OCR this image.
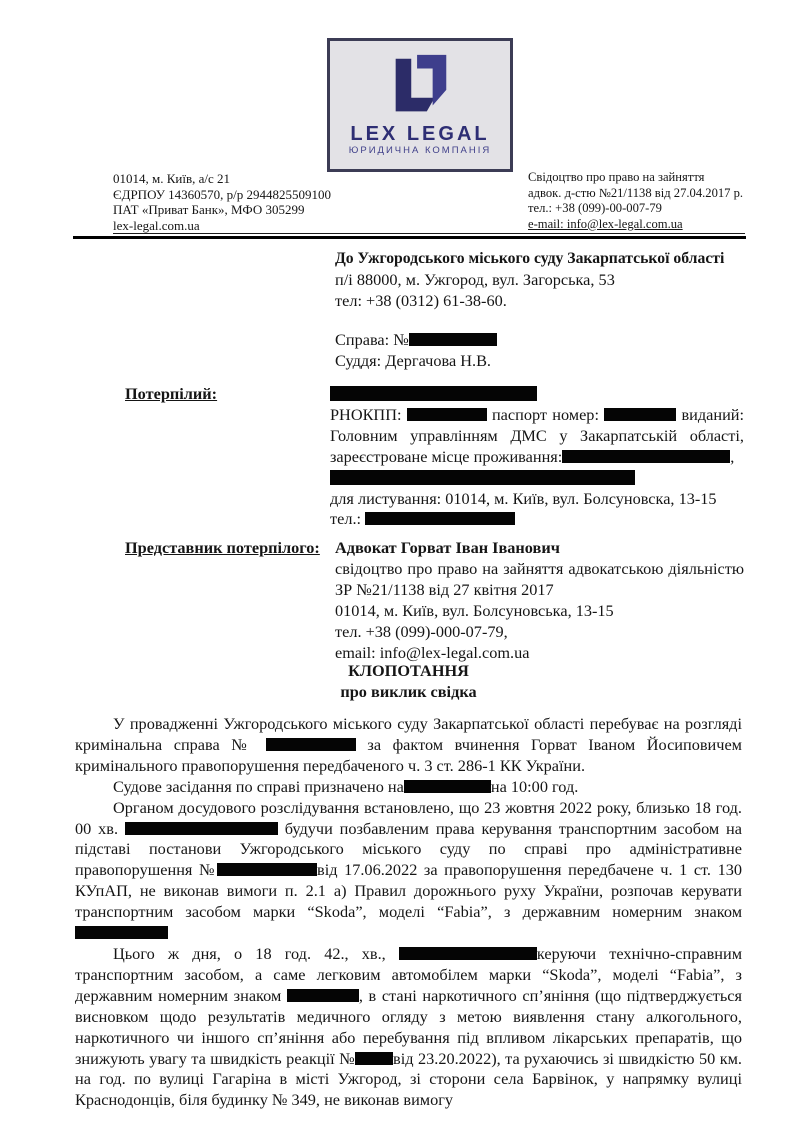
LEX LEGAL
ЮРИДИЧНА КОМПАНІЯ
01014, м. Київ, а/с 21
ЄДРПОУ 14360570, р/р 2944825509100
ПАТ «Приват Банк», МФО 305299
lex-legal.com.ua
Свідоцтво про право на зайняття
адвок. д-стю №21/1138 від 27.04.2017 р.
тел.: +38 (099)-00-007-79
e-mail: info@lex-legal.com.ua
До Ужгородського міського суду Закарпатської області
п/і 88000, м. Ужгород, вул. Загорська, 53
тел: +38 (0312) 61-38-60.
Справа: №
Суддя: Дергачова Н.В.
Потерпілий:
РНОКПП:	паспорт номер:	виданий:
Головним управлінням ДМС у Закарпатській області,
зареєстроване місце проживання:	,
для листування: 01014, м. Київ, вул. Болсуновска, 13-15
тел.:
Представник потерпілого: Адвокат Горват Іван Іванович
свідоцтво про право на зайняття адвокатською діяльністю
ЗР №21/1138 від 27 квітня 2017
01014, м. Київ, вул. Болсуновська, 13-15
тел. +38 (099)-000-07-79,
email: info@lex-legal.com.ua
КЛОПОТАННЯ
про виклик свідка

У провадженні Ужгородського міського суду Закарпатської області перебуває на розгляді кримінальна справа №	за фактом вчинення Горват Іваном Йосиповичем кримінального правопорушення передбаченого ч. 3 ст. 286-1 КК України.

Судове засідання по справі призначено на	на 10:00 год.

Органом досудового розслідування встановлено, що 23 жовтня 2022 року, близько 18 год. 00 хв.	будучи позбавленим права керування транспортним засобом на підставі постанови Ужгородського міського суду по справі про адміністративне правопорушення №	від 17.06.2022 за правопорушення передбачене ч. 1 ст. 130 КУпАП, не виконав вимоги п. 2.1 а) Правил дорожнього руху України, розпочав керувати транспортним засобом марки “Skoda”, моделі “Fabia”, з державним номерним знаком

Цього ж дня, о 18 год. 42., хв.,	керуючи технічно-справним транспортним засобом, а саме легковим автомобілем марки “Skoda”, моделі “Fabia”, з державним номерним знаком	, в стані наркотичного сп’яніння (що підтверджується висновком щодо результатів медичного огляду з метою виявлення стану алкогольного, наркотичного чи іншого сп’яніння або перебування під впливом лікарських препаратів, що знижують увагу та швидкість реакції № від 23.20.2022), та рухаючись зі швидкістю 50 км. на год. по вулиці Гагаріна в місті Ужгород, зі сторони села Барвінок, у напрямку вулиці Краснодонців, біля будинку № 349, не виконав вимогу
